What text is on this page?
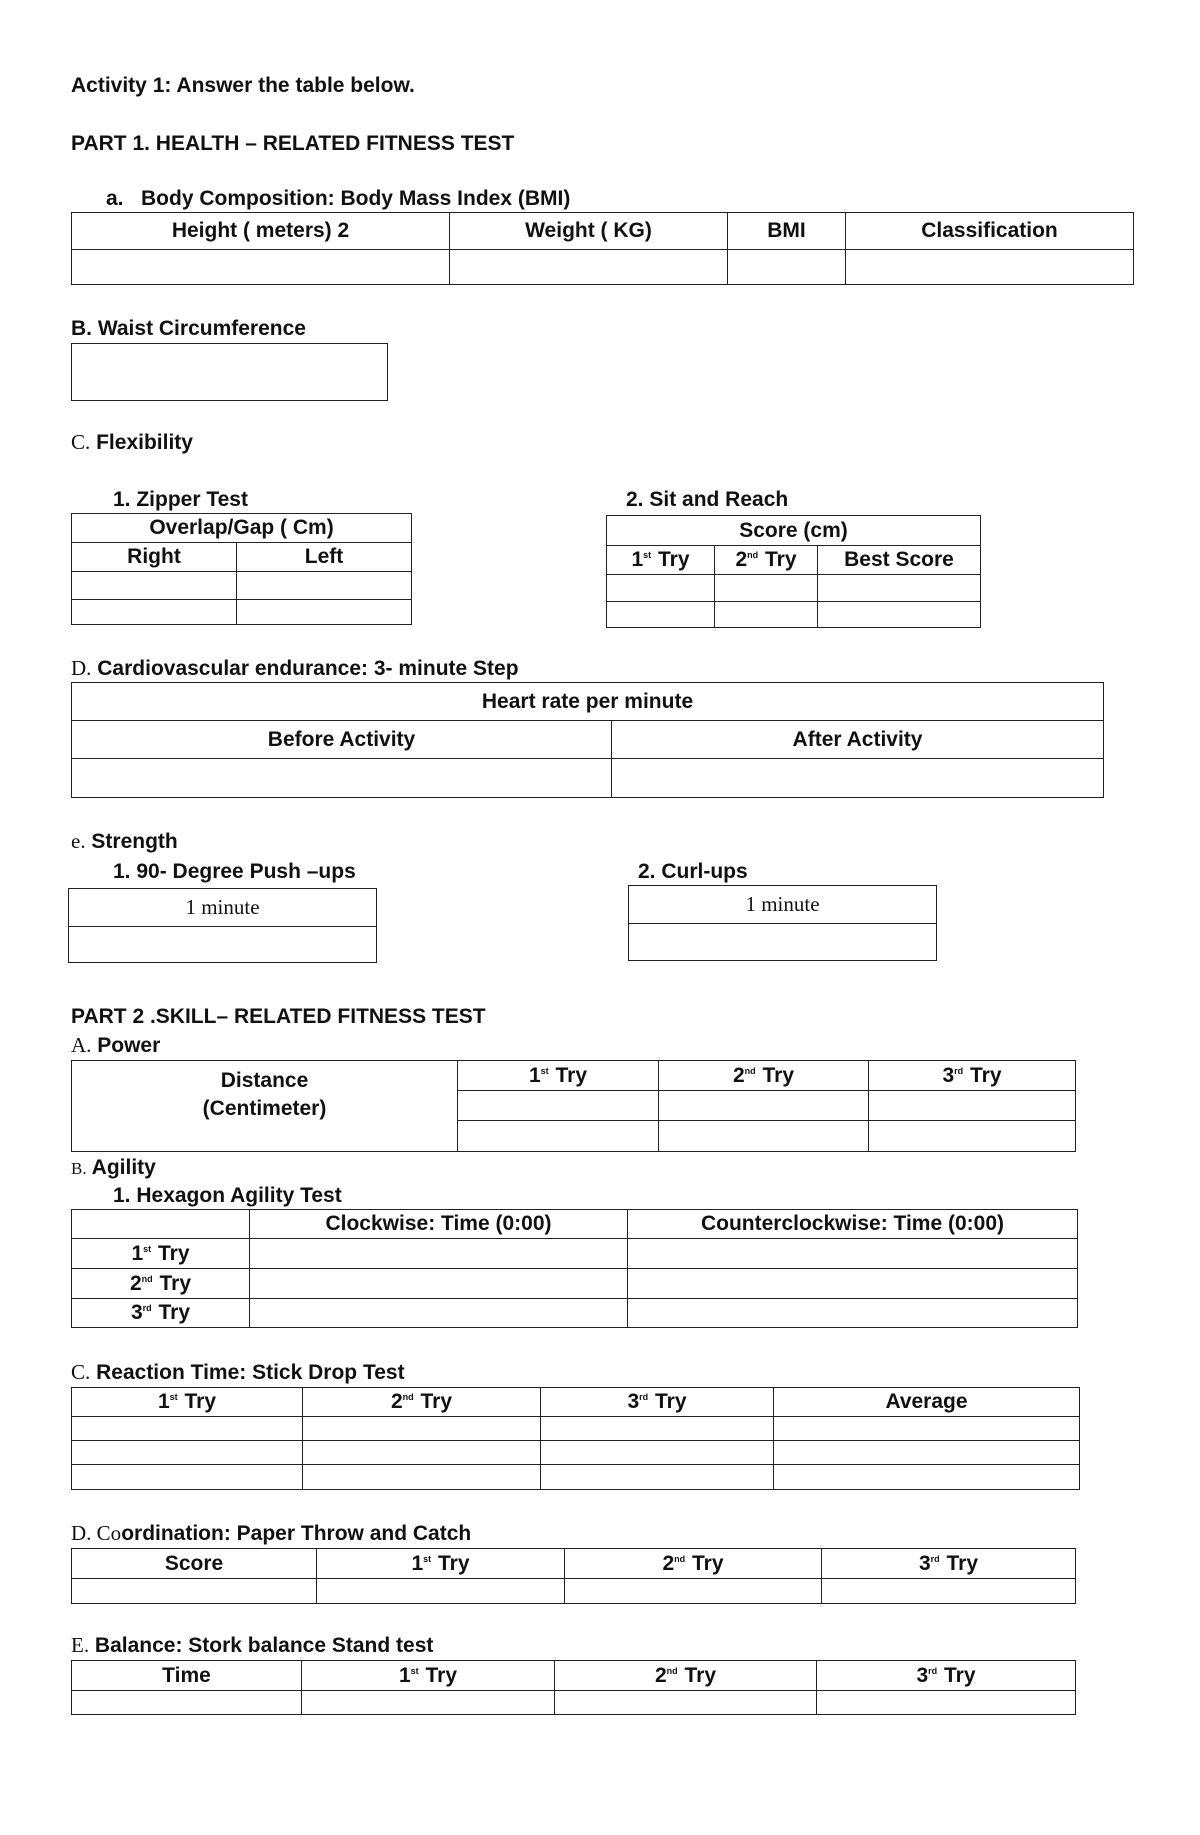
Activity 1: Answer the table below.
PART 1. HEALTH – RELATED FITNESS TEST
a. Body Composition: Body Mass Index (BMI)
Height ( meters) 2	Weight ( KG)	BMI	Classification

B. Waist Circumference
C. Flexibility
1. Zipper Test	2. Sit and Reach
Overlap/Gap ( Cm)	
Right	Left

Score (cm)		
1st Try	2nd Try	Best Score

D. Cardiovascular endurance: 3- minute Step
Heart rate per minute	
Before Activity	After Activity

e. Strength
1. 90- Degree Push –ups	2. Curl-ups
1 minute	1 minute

PART 2 .SKILL– RELATED FITNESS TEST
A. Power
Distance
(Centimeter)	1st Try	2nd Try	3rd Try

B. Agility
1. Hexagon Agility Test
	Clockwise: Time (0:00)	Counterclockwise: Time (0:00)
1st Try		
2nd Try		
3rd Try		
C. Reaction Time: Stick Drop Test
1st Try	2nd Try	3rd Try	Average

D. Coordination: Paper Throw and Catch
Score	1st Try	2nd Try	3rd Try

E. Balance: Stork balance Stand test
Time	1st Try	2nd Try	3rd Try
